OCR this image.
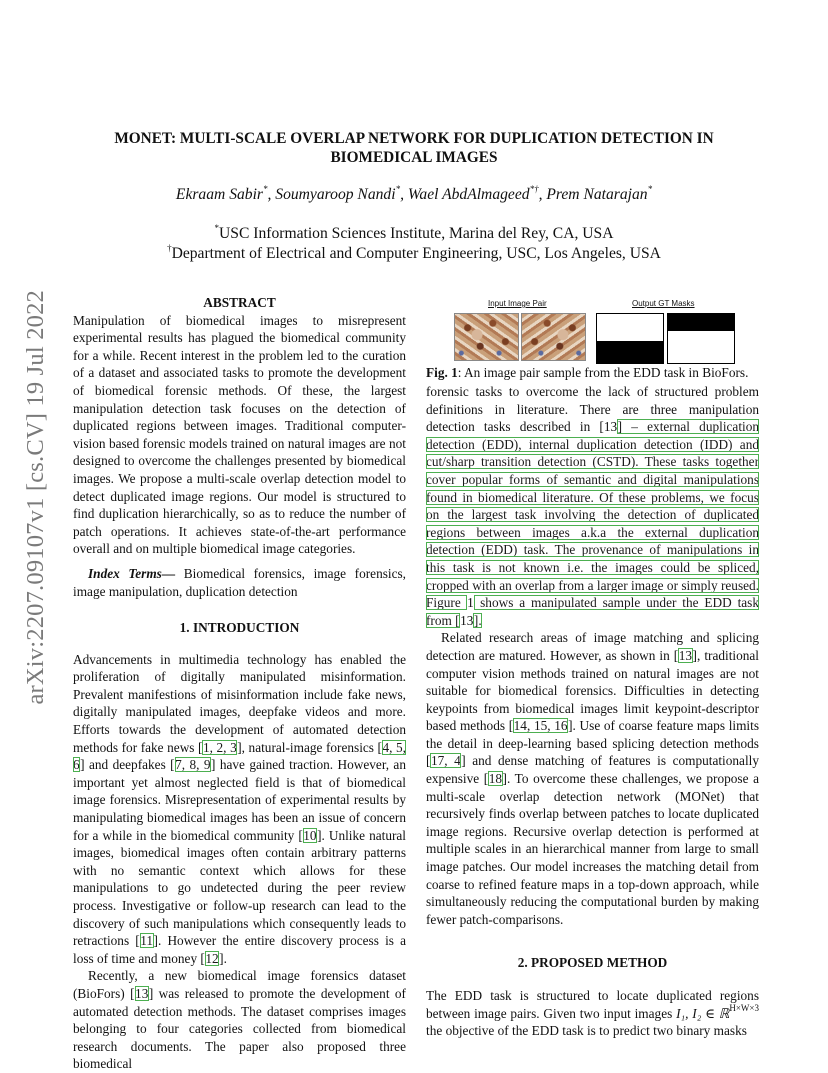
arXiv:2207.09107v1 [cs.CV] 19 Jul 2022
MONET: MULTI-SCALE OVERLAP NETWORK FOR DUPLICATION DETECTION IN
BIOMEDICAL IMAGES
Ekraam Sabir*, Soumyaroop Nandi*, Wael AbdAlmageed*†, Prem Natarajan*
*USC Information Sciences Institute, Marina del Rey, CA, USA
†Department of Electrical and Computer Engineering, USC, Los Angeles, USA
ABSTRACT

Manipulation of biomedical images to misrepresent experimental results has plagued the biomedical community for a while. Recent interest in the problem led to the curation of a dataset and associated tasks to promote the development of biomedical forensic methods. Of these, the largest manipulation detection task focuses on the detection of duplicated regions between images. Traditional computer-vision based forensic models trained on natural images are not designed to overcome the challenges presented by biomedical images. We propose a multi-scale overlap detection model to detect duplicated image regions. Our model is structured to find duplication hierarchically, so as to reduce the number of patch operations. It achieves state-of-the-art performance overall and on multiple biomedical image categories.

Index Terms— Biomedical forensics, image forensics, image manipulation, duplication detection

1. INTRODUCTION

Advancements in multimedia technology has enabled the proliferation of digitally manipulated misinformation. Prevalent manifestions of misinformation include fake news, digitally manipulated images, deepfake videos and more. Efforts towards the development of automated detection methods for fake news [1, 2, 3], natural-image forensics [4, 5, 6] and deepfakes [7, 8, 9] have gained traction. However, an important yet almost neglected field is that of biomedical image forensics. Misrepresentation of experimental results by manipulating biomedical images has been an issue of concern for a while in the biomedical community [10]. Unlike natural images, biomedical images often contain arbitrary patterns with no semantic context which allows for these manipulations to go undetected during the peer review process. Investigative or follow-up research can lead to the discovery of such manipulations which consequently leads to retractions [11]. However the entire discovery process is a loss of time and money [12].

Recently, a new biomedical image forensics dataset (BioFors) [13] was released to promote the development of automated detection methods. The dataset comprises images belonging to four categories collected from biomedical research documents. The paper also proposed three biomedical

Input Image Pair	Output GT Masks
Fig. 1: An image pair sample from the EDD task in BioFors.

forensic tasks to overcome the lack of structured problem definitions in literature. There are three manipulation detection tasks described in [13] – external duplication detection (EDD), internal duplication detection (IDD) and cut/sharp transition detection (CSTD). These tasks together cover popular forms of semantic and digital manipulations found in biomedical literature. Of these problems, we focus on the largest task involving the detection of duplicated regions between images a.k.a the external duplication detection (EDD) task. The provenance of manipulations in this task is not known i.e. the images could be spliced, cropped with an overlap from a larger image or simply reused. Figure 1 shows a manipulated sample under the EDD task from [13].

Related research areas of image matching and splicing detection are matured. However, as shown in [13], traditional computer vision methods trained on natural images are not suitable for biomedical forensics. Difficulties in detecting keypoints from biomedical images limit keypoint-descriptor based methods [14, 15, 16]. Use of coarse feature maps limits the detail in deep-learning based splicing detection methods [17, 4] and dense matching of features is computationally expensive [18]. To overcome these challenges, we propose a multi-scale overlap detection network (MONet) that recursively finds overlap between patches to locate duplicated image regions. Recursive overlap detection is performed at multiple scales in an hierarchical manner from large to small image patches. Our model increases the matching detail from coarse to refined feature maps in a top-down approach, while simultaneously reducing the computational burden by making fewer patch-comparisons.

2. PROPOSED METHOD

The EDD task is structured to locate duplicated regions between image pairs. Given two input images I₁, I₂ ∈ ℝ$^{H\times W\times 3}$ the objective of the EDD task is to predict two binary masks
